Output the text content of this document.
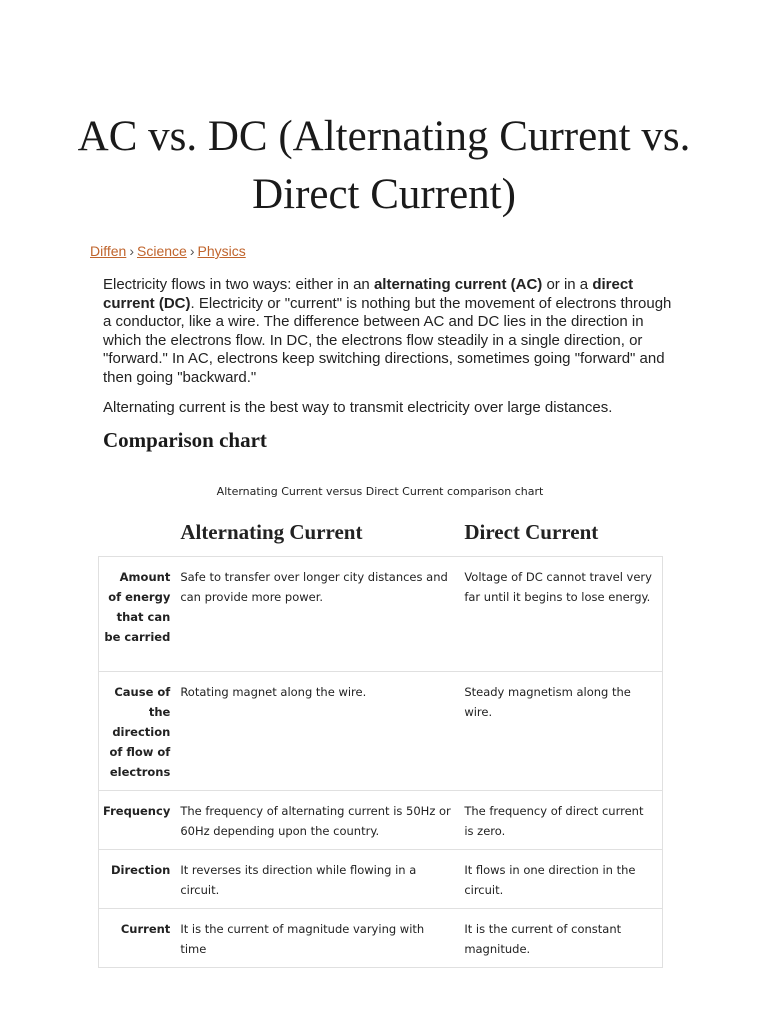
AC vs. DC (Alternating Current vs. Direct Current)
Diffen › Science › Physics

Electricity flows in two ways: either in an alternating current (AC) or in a direct current (DC). Electricity or "current" is nothing but the movement of electrons through a conductor, like a wire. The difference between AC and DC lies in the direction in which the electrons flow. In DC, the electrons flow steadily in a single direction, or "forward." In AC, electrons keep switching directions, sometimes going "forward" and then going "backward."

Alternating current is the best way to transmit electricity over large distances.

Comparison chart
Alternating Current versus Direct Current comparison chart
	Alternating Current	Direct Current
Amount of energy that can be carried	Safe to transfer over longer city distances and can provide more power.	Voltage of DC cannot travel very far until it begins to lose energy.
Cause of the direction of flow of electrons	Rotating magnet along the wire.	Steady magnetism along the wire.
Frequency	The frequency of alternating current is 50Hz or 60Hz depending upon the country.	The frequency of direct current is zero.
Direction	It reverses its direction while flowing in a circuit.	It flows in one direction in the circuit.
Current	It is the current of magnitude varying with time	It is the current of constant magnitude.
